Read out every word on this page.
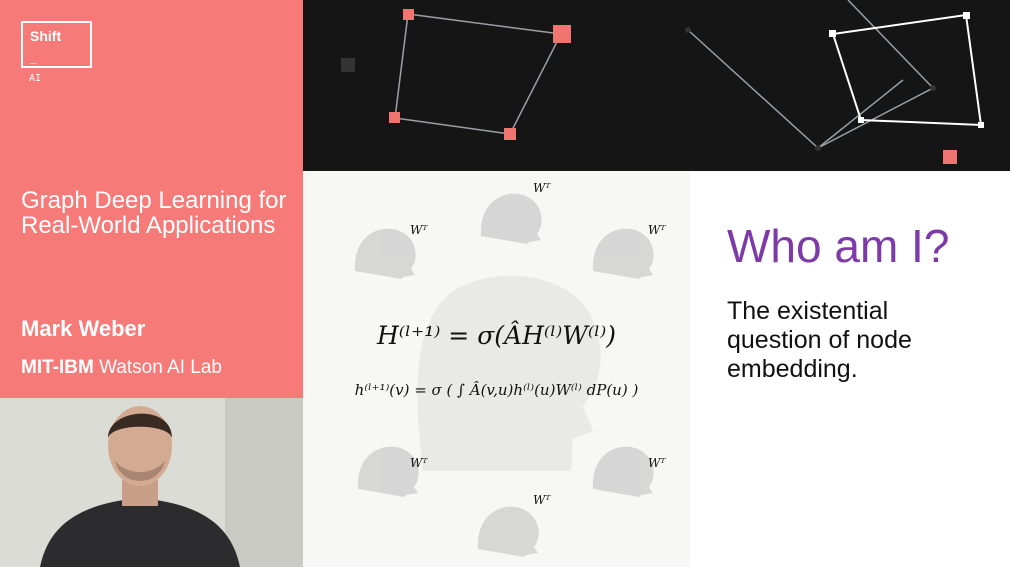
Shift
_
AI
Graph Deep Learning for Real-World Applications
Mark Weber
MIT-IBM Watson AI Lab
Wᵀ
Wᵀ	Wᵀ
Wᵀ	Wᵀ
Wᵀ
H⁽ˡ⁺¹⁾ = σ(ÂH⁽ˡ⁾W⁽ˡ⁾)
h⁽ˡ⁺¹⁾(v) = σ ( ∫ Â(v,u)h⁽ˡ⁾(u)W⁽ˡ⁾ dP(u) )
Who am I?
The existential question of node embedding.
